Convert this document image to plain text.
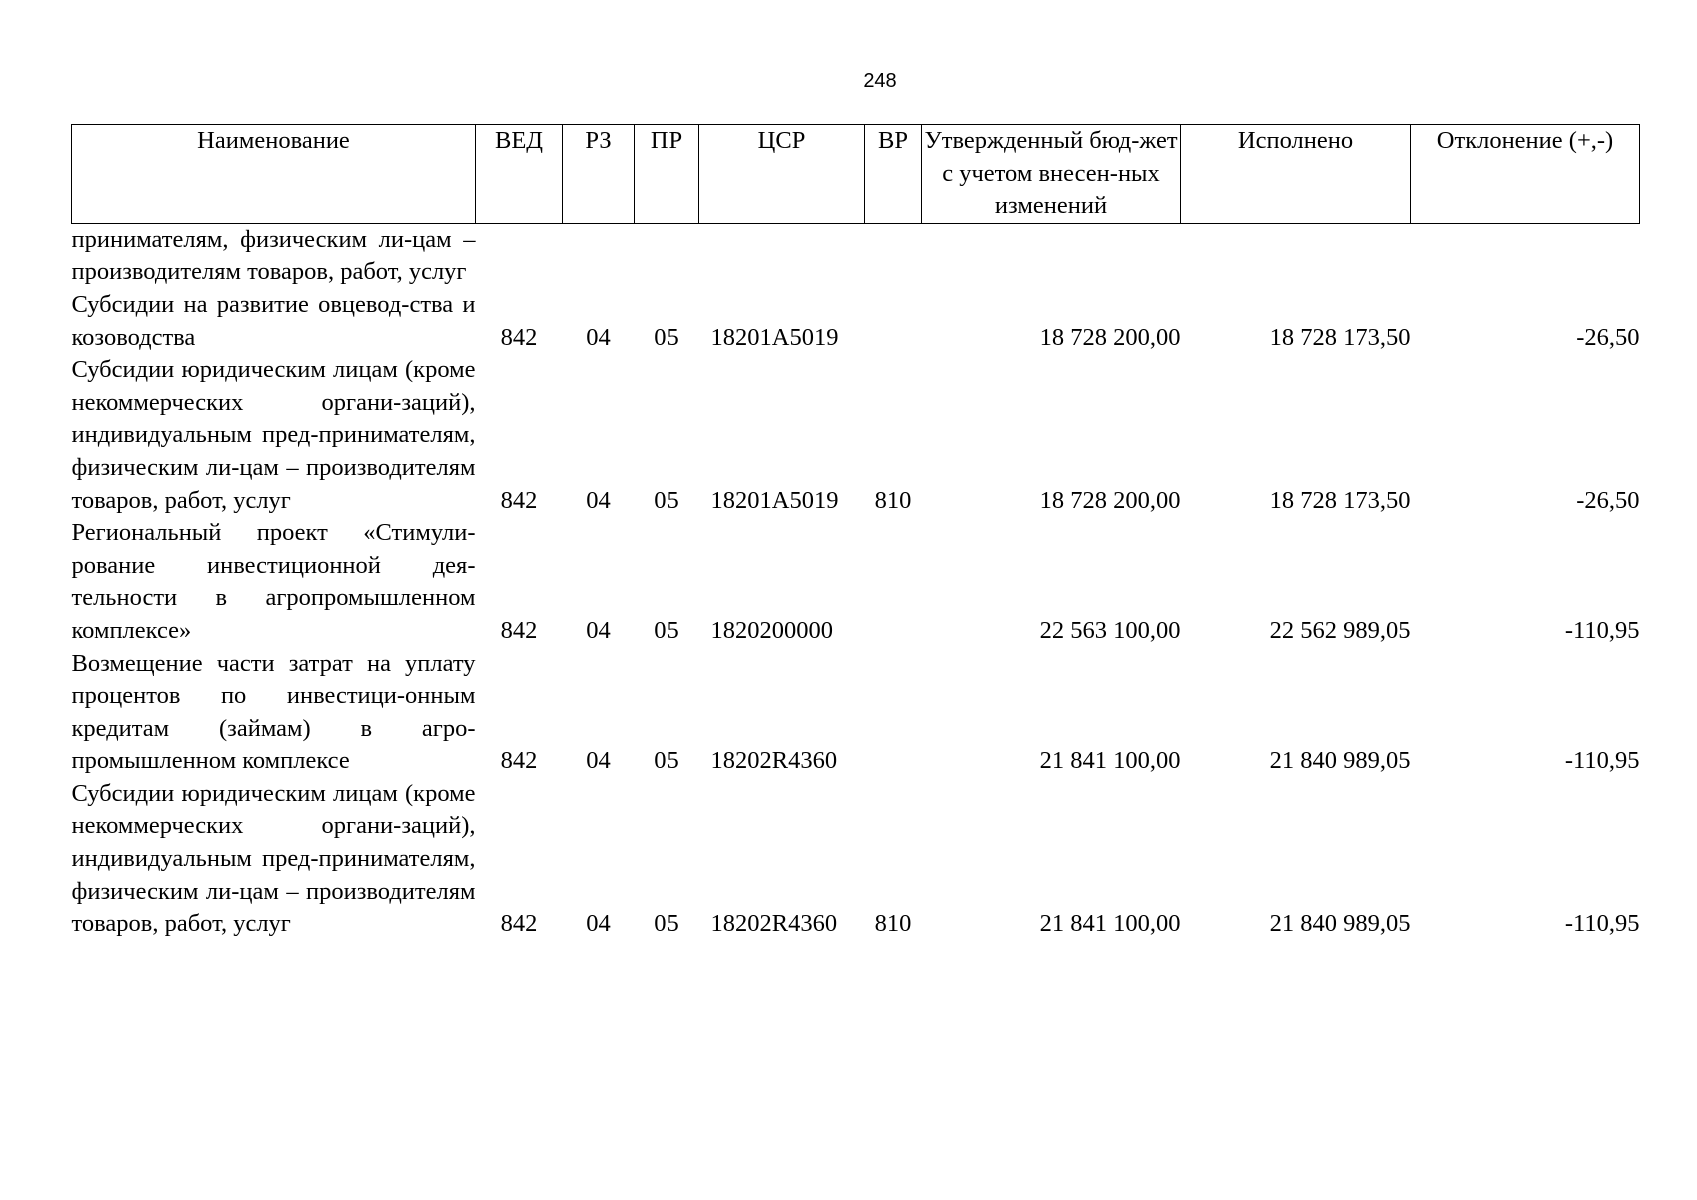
248
Наименование	ВЕД	РЗ	ПР	ЦСР	ВР	Утвержденный бюд-жет с учетом внесен-ных изменений	Исполнено	Отклонение (+,-)
принимателям, физическим ли-цам – производителям товаров, работ, услуг								
Субсидии на развитие овцевод-ства и козоводства	842	04	05	18201А5019		18 728 200,00	18 728 173,50	-26,50
Субсидии юридическим лицам (кроме некоммерческих органи-заций), индивидуальным пред-принимателям, физическим ли-цам – производителям товаров, работ, услуг	842	04	05	18201А5019	810	18 728 200,00	18 728 173,50	-26,50
Региональный проект «Стимули-рование инвестиционной дея-тельности в агропромышленном комплексе»	842	04	05	1820200000		22 563 100,00	22 562 989,05	-110,95
Возмещение части затрат на уплату процентов по инвестици-онным кредитам (займам) в агро-промышленном комплексе	842	04	05	18202R4360		21 841 100,00	21 840 989,05	-110,95
Субсидии юридическим лицам (кроме некоммерческих органи-заций), индивидуальным пред-принимателям, физическим ли-цам – производителям товаров, работ, услуг	842	04	05	18202R4360	810	21 841 100,00	21 840 989,05	-110,95
